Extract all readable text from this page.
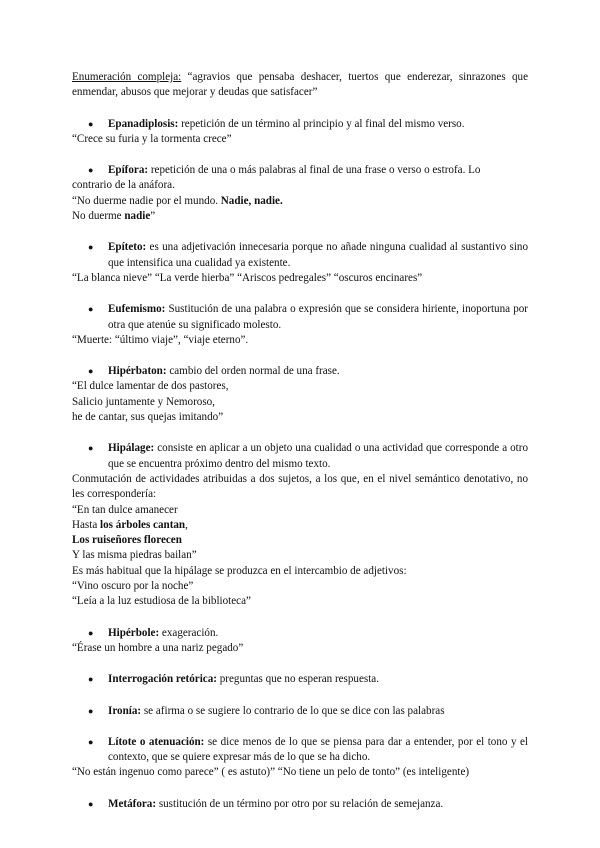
Enumeración compleja: “agravios que pensaba deshacer, tuertos que enderezar, sinrazones que enmendar, abusos que mejorar y deudas que satisfacer”

● Epanadiplosis: repetición de un término al principio y al final del mismo verso.

“Crece su furia y la tormenta crece”

● Epífora: repetición de una o más palabras al final de una frase o verso o estrofa. Lo

contrario de la anáfora.

“No duerme nadie por el mundo. Nadie, nadie.

No duerme nadie”

● Epíteto: es una adjetivación innecesaria porque no añade ninguna cualidad al sustantivo sino que intensifica una cualidad ya existente.

“La blanca nieve” “La verde hierba” “Ariscos pedregales” “oscuros encinares”

● Eufemismo: Sustitución de una palabra o expresión que se considera hiriente, inoportuna por otra que atenúe su significado molesto.

“Muerte: “último viaje”, “viaje eterno”.

● Hipérbaton: cambio del orden normal de una frase.

“El dulce lamentar de dos pastores,

Salicio juntamente y Nemoroso,

he de cantar, sus quejas imitando”

● Hipálage: consiste en aplicar a un objeto una cualidad o una actividad que corresponde a otro que se encuentra próximo dentro del mismo texto.

Conmutación de actividades atribuidas a dos sujetos, a los que, en el nivel semántico denotativo, no les correspondería:

“En tan dulce amanecer

Hasta los árboles cantan,

Los ruiseñores florecen

Y las misma piedras bailan”

Es más habitual que la hipálage se produzca en el intercambio de adjetivos:

“Vino oscuro por la noche”

“Leía a la luz estudiosa de la biblioteca”

● Hipérbole: exageración.

“Érase un hombre a una nariz pegado”

● Interrogación retórica: preguntas que no esperan respuesta.
● Ironía: se afirma o se sugiere lo contrario de lo que se dice con las palabras
● Lítote o atenuación: se dice menos de lo que se piensa para dar a entender, por el tono y el contexto, que se quiere expresar más de lo que se ha dicho.

“No están ingenuo como parece” ( es astuto)” “No tiene un pelo de tonto” (es inteligente)

● Metáfora: sustitución de un término por otro por su relación de semejanza.
